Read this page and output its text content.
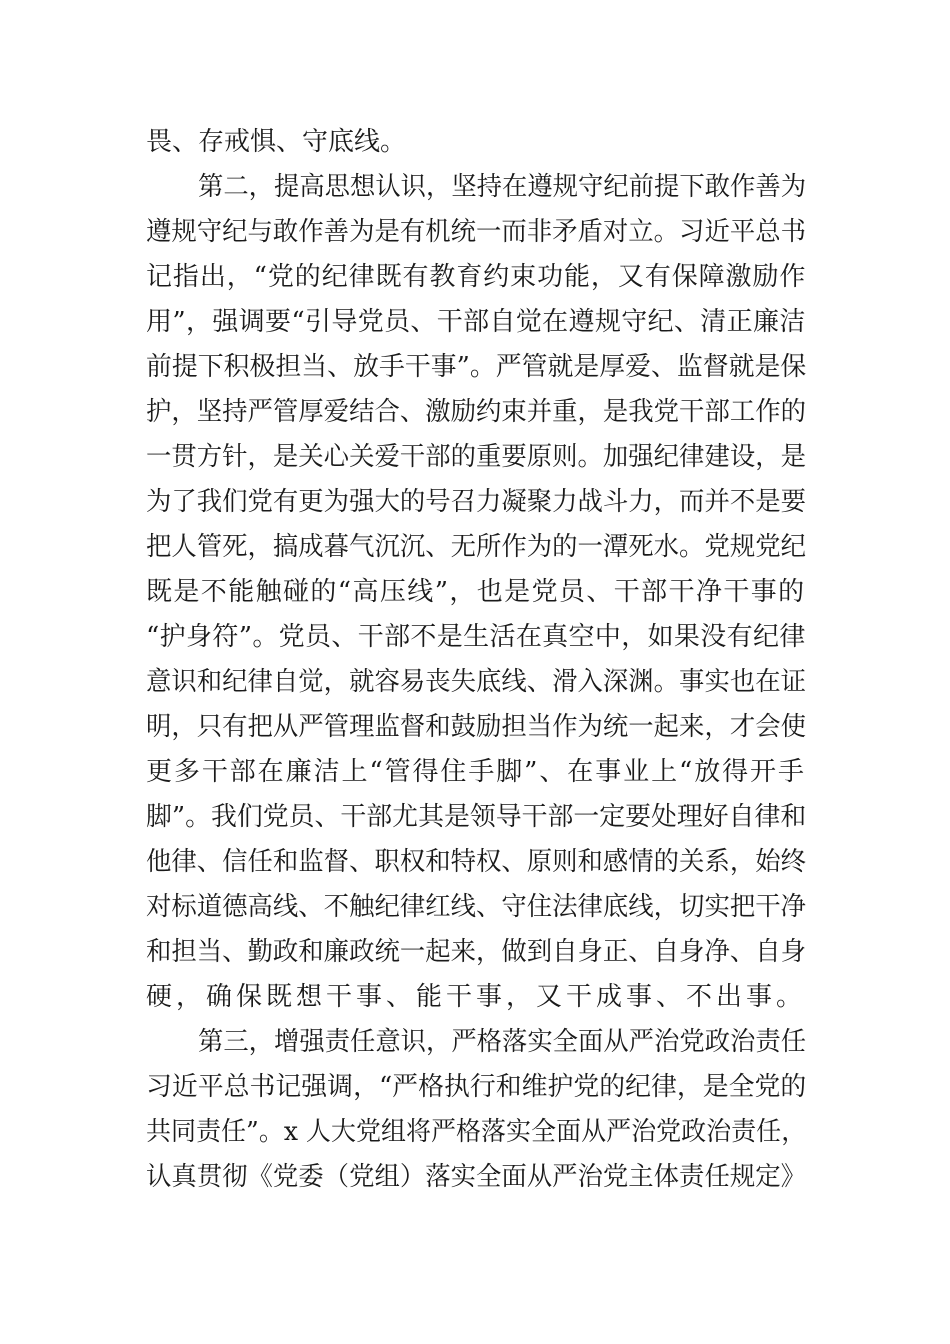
畏、存戒惧、守底线。
第二，提高思想认识，坚持在遵规守纪前提下敢作善为
遵规守纪与敢作善为是有机统一而非矛盾对立。习近平总书
记指出，“党的纪律既有教育约束功能，又有保障激励作
用”，强调要“引导党员、干部自觉在遵规守纪、清正廉洁
前提下积极担当、放手干事”。严管就是厚爱、监督就是保
护，坚持严管厚爱结合、激励约束并重，是我党干部工作的
一贯方针，是关心关爱干部的重要原则。加强纪律建设，是
为了我们党有更为强大的号召力凝聚力战斗力，而并不是要
把人管死，搞成暮气沉沉、无所作为的一潭死水。党规党纪
既是不能触碰的“高压线”，也是党员、干部干净干事的
“护身符”。党员、干部不是生活在真空中，如果没有纪律
意识和纪律自觉，就容易丧失底线、滑入深渊。事实也在证
明，只有把从严管理监督和鼓励担当作为统一起来，才会使
更多干部在廉洁上“管得住手脚”、在事业上“放得开手
脚”。我们党员、干部尤其是领导干部一定要处理好自律和
他律、信任和监督、职权和特权、原则和感情的关系，始终
对标道德高线、不触纪律红线、守住法律底线，切实把干净
和担当、勤政和廉政统一起来，做到自身正、自身净、自身
硬，确保既想干事、能干事，又干成事、不出事。
第三，增强责任意识，严格落实全面从严治党政治责任
习近平总书记强调，“严格执行和维护党的纪律，是全党的
共同责任”。x 人大党组将严格落实全面从严治党政治责任，
认真贯彻《党委（党组）落实全面从严治党主体责任规定》
